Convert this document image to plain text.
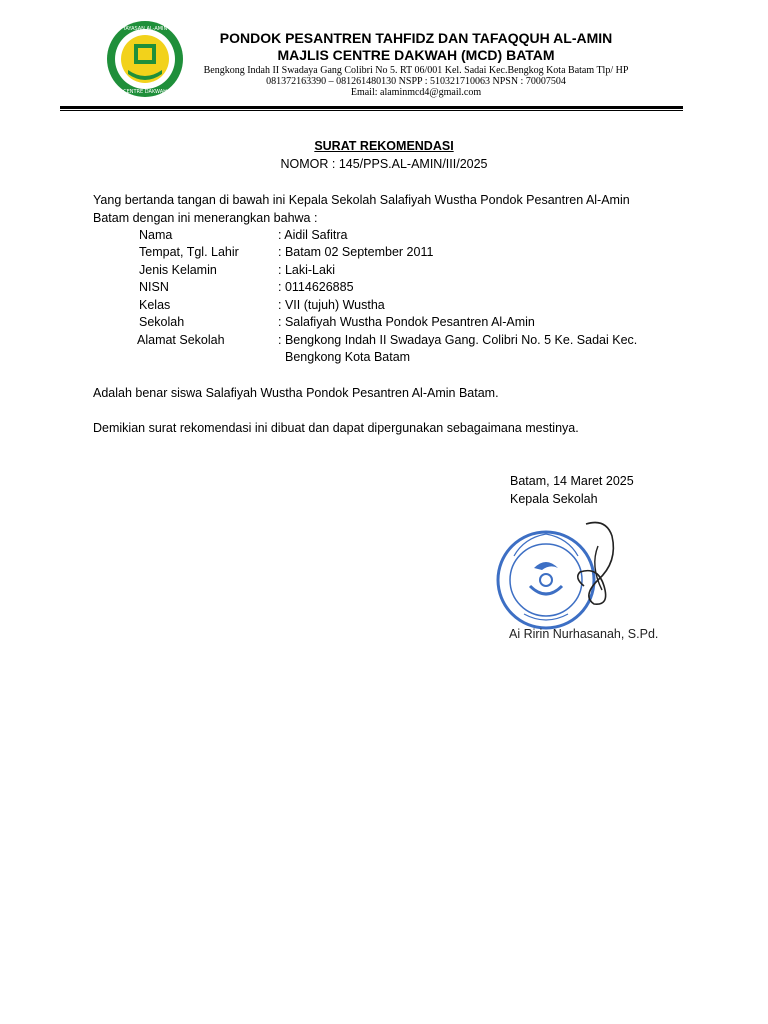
YAYASAN AL-AMIN
CENTRE DAKWAH
PONDOK PESANTREN TAHFIDZ DAN TAFAQQUH AL-AMIN
MAJLIS CENTRE DAKWAH (MCD) BATAM
Bengkong Indah II Swadaya Gang Colibri No 5. RT 06/001 Kel. Sadai Kec.Bengkog Kota Batam Tlp/ HP
081372163390 – 081261480130 NSPP : 510321710063 NPSN : 70007504
Email: alaminmcd4@gmail.com
SURAT REKOMENDASI
NOMOR : 145/PPS.AL-AMIN/III/2025
Yang bertanda tangan di bawah ini Kepala Sekolah Salafiyah Wustha Pondok Pesantren Al-Amin
Batam dengan ini menerangkan bahwa :
Nama	: Aidil Safitra
Tempat, Tgl. Lahir	: Batam 02 September 2011
Jenis Kelamin	: Laki-Laki
NISN	: 0114626885
Kelas	: VII (tujuh) Wustha
Sekolah	: Salafiyah Wustha Pondok Pesantren Al-Amin
Alamat Sekolah	: Bengkong Indah II Swadaya Gang. Colibri No. 5 Ke. Sadai Kec.
Bengkong Kota Batam
Adalah benar siswa Salafiyah Wustha Pondok Pesantren Al-Amin Batam.
Demikian surat rekomendasi ini dibuat dan dapat dipergunakan sebagaimana mestinya.
Batam, 14 Maret 2025
Kepala Sekolah
Ai Ririn Nurhasanah, S.Pd.
